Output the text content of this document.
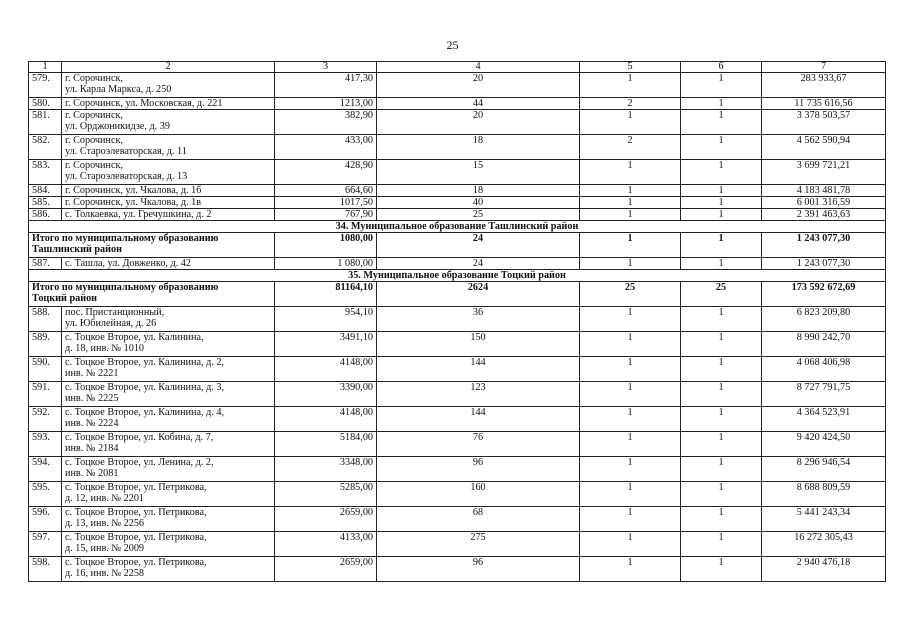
25
1	2	3	4	5	6	7
579.	г. Сорочинск,
ул. Карла Маркса, д. 250	417,30	20	1	1	283 933,67
580.	г. Сорочинск, ул. Московская, д. 221	1213,00	44	2	1	11 735 616,56
581.	г. Сорочинск,
ул. Орджоникидзе, д. 39	382,90	20	1	1	3 378 503,57
582.	г. Сорочинск,
ул. Староэлеваторская, д. 11	433,00	18	2	1	4 562 590,94
583.	г. Сорочинск,
ул. Староэлеваторская, д. 13	428,90	15	1	1	3 699 721,21
584.	г. Сорочинск, ул. Чкалова, д. 1б	664,60	18	1	1	4 183 481,78
585.	г. Сорочинск, ул. Чкалова, д. 1в	1017,50	40	1	1	6 001 316,59
586.	с. Толкаевка, ул. Гречушкина, д. 2	767,90	25	1	1	2 391 463,63
34. Муниципальное образование Ташлинский район						
Итого по муниципальному образованию
Ташлинский район		1080,00	24	1	1	1 243 077,30
587.	с. Ташла, ул. Довженко, д. 42	1 080,00	24	1	1	1 243 077,30
35. Муниципальное образование Тоцкий район						
Итого по муниципальному образованию
Тоцкий район		81164,10	2624	25	25	173 592 672,69
588.	пос. Пристанционный,
ул. Юбилейная, д. 26	954,10	36	1	1	6 823 209,80
589.	с. Тоцкое Второе, ул. Калинина,
д. 18, инв. № 1010	3491,10	150	1	1	8 990 242,70
590.	с. Тоцкое Второе, ул. Калинина, д. 2,
инв. № 2221	4148,00	144	1	1	4 068 406,98
591.	с. Тоцкое Второе, ул. Калинина, д. 3,
инв. № 2225	3390,00	123	1	1	8 727 791,75
592.	с. Тоцкое Второе, ул. Калинина, д. 4,
инв. № 2224	4148,00	144	1	1	4 364 523,91
593.	с. Тоцкое Второе, ул. Кобина, д. 7,
инв. № 2184	5184,00	76	1	1	9 420 424,50
594.	с. Тоцкое Второе, ул. Ленина, д. 2,
инв. № 2081	3348,00	96	1	1	8 296 946,54
595.	с. Тоцкое Второе, ул. Петрикова,
д. 12, инв. № 2201	5285,00	160	1	1	8 688 809,59
596.	с. Тоцкое Второе, ул. Петрикова,
д. 13, инв. № 2256	2659,00	68	1	1	5 441 243,34
597.	с. Тоцкое Второе, ул. Петрикова,
д. 15, инв. № 2009	4133,00	275	1	1	16 272 305,43
598.	с. Тоцкое Второе, ул. Петрикова,
д. 16, инв. № 2258	2659,00	96	1	1	2 940 476,18
